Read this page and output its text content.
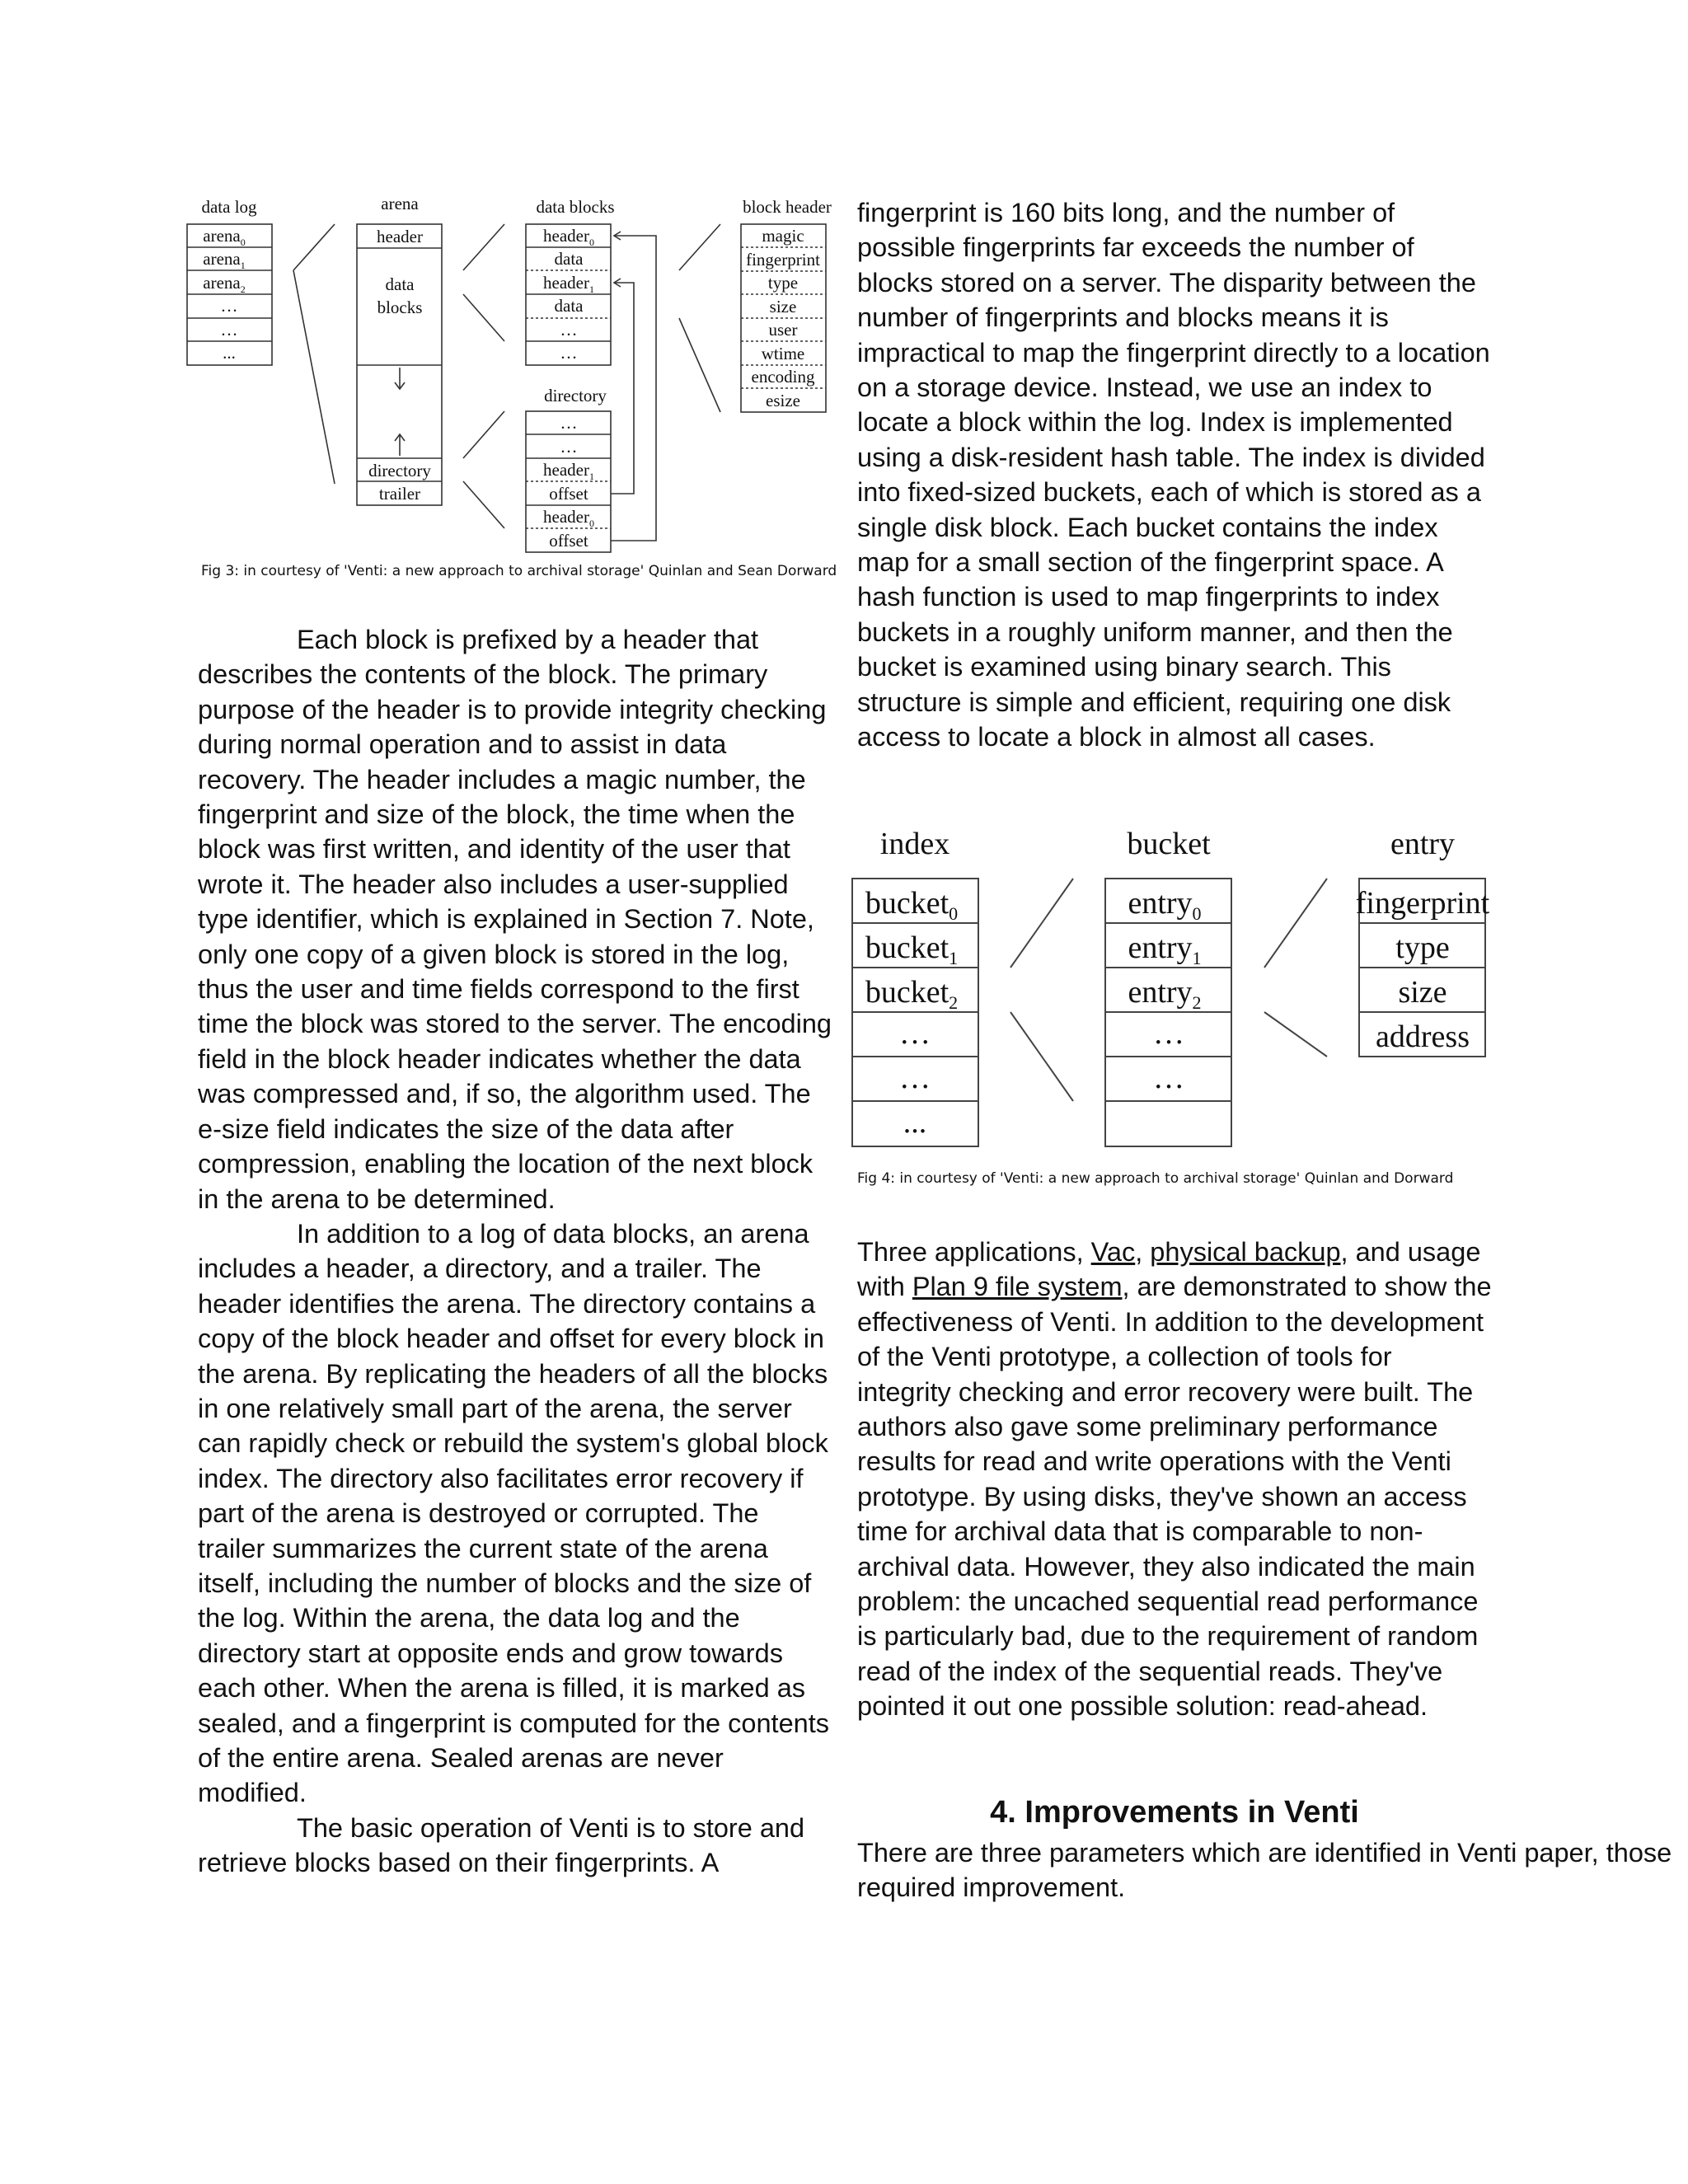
data log	arena	data blocks	block header
directory
arena$_0$
arena$_1$
arena$_2$
…
…
...
header
data
blocks
directory
trailer
header$_0$
data
header$_1$
data
…
…
…
…
header$_1$
offset
header$_0$
offset
magic
fingerprint
type
size
user
wtime
encoding
esize
Fig 3: in courtesy of 'Venti: a new approach to archival storage' Quinlan and Sean Dorward

Each block is prefixed by a header that describes the contents of the block. The primary purpose of the header is to provide integrity checking during normal operation and to assist in data recovery. The header includes a magic number, the fingerprint and size of the block, the time when the block was first written, and identity of the user that wrote it. The header also includes a user-supplied type identifier, which is explained in Section 7. Note, only one copy of a given block is stored in the log, thus the user and time fields correspond to the first time the block was stored to the server. The encoding field in the block header indicates whether the data was compressed and, if so, the algorithm used. The e-size field indicates the size of the data after compression, enabling the location of the next block in the arena to be determined.

In addition to a log of data blocks, an arena includes a header, a directory, and a trailer. The header identifies the arena. The directory contains a copy of the block header and offset for every block in the arena. By replicating the headers of all the blocks in one relatively small part of the arena, the server can rapidly check or rebuild the system's global block index. The directory also facilitates error recovery if part of the arena is destroyed or corrupted. The trailer summarizes the current state of the arena itself, including the number of blocks and the size of the log. Within the arena, the data log and the directory start at opposite ends and grow towards each other. When the arena is filled, it is marked as sealed, and a fingerprint is computed for the contents of the entire arena. Sealed arenas are never modified.

The basic operation of Venti is to store and retrieve blocks based on their fingerprints. A

fingerprint is 160 bits long, and the number of possible fingerprints far exceeds the number of blocks stored on a server. The disparity between the number of fingerprints and blocks means it is impractical to map the fingerprint directly to a location on a storage device. Instead, we use an index to locate a block within the log. Index is implemented using a disk-resident hash table. The index is divided into fixed-sized buckets, each of which is stored as a single disk block. Each bucket contains the index map for a small section of the fingerprint space. A hash function is used to map fingerprints to index buckets in a roughly uniform manner, and then the bucket is examined using binary search. This structure is simple and efficient, requiring one disk access to locate a block in almost all cases.

index	bucket	entry
bucket$_0$
bucket$_1$
bucket$_2$
…
…
...
entry$_0$
entry$_1$
entry$_2$
…
…
fingerprint
type
size
address
Fig 4: in courtesy of 'Venti: a new approach to archival storage' Quinlan and Dorward

Three applications, Vac, physical backup, and usage with Plan 9 file system, are demonstrated to show the effectiveness of Venti. In addition to the development of the Venti prototype, a collection of tools for integrity checking and error recovery were built. The authors also gave some preliminary performance results for read and write operations with the Venti prototype. By using disks, they've shown an access time for archival data that is comparable to non-archival data. However, they also indicated the main problem: the uncached sequential read performance is particularly bad, due to the requirement of random read of the index of the sequential reads. They've pointed it out one possible solution: read-ahead.

4. Improvements in Venti

There are three parameters which are identified in Venti paper, those required improvement.
